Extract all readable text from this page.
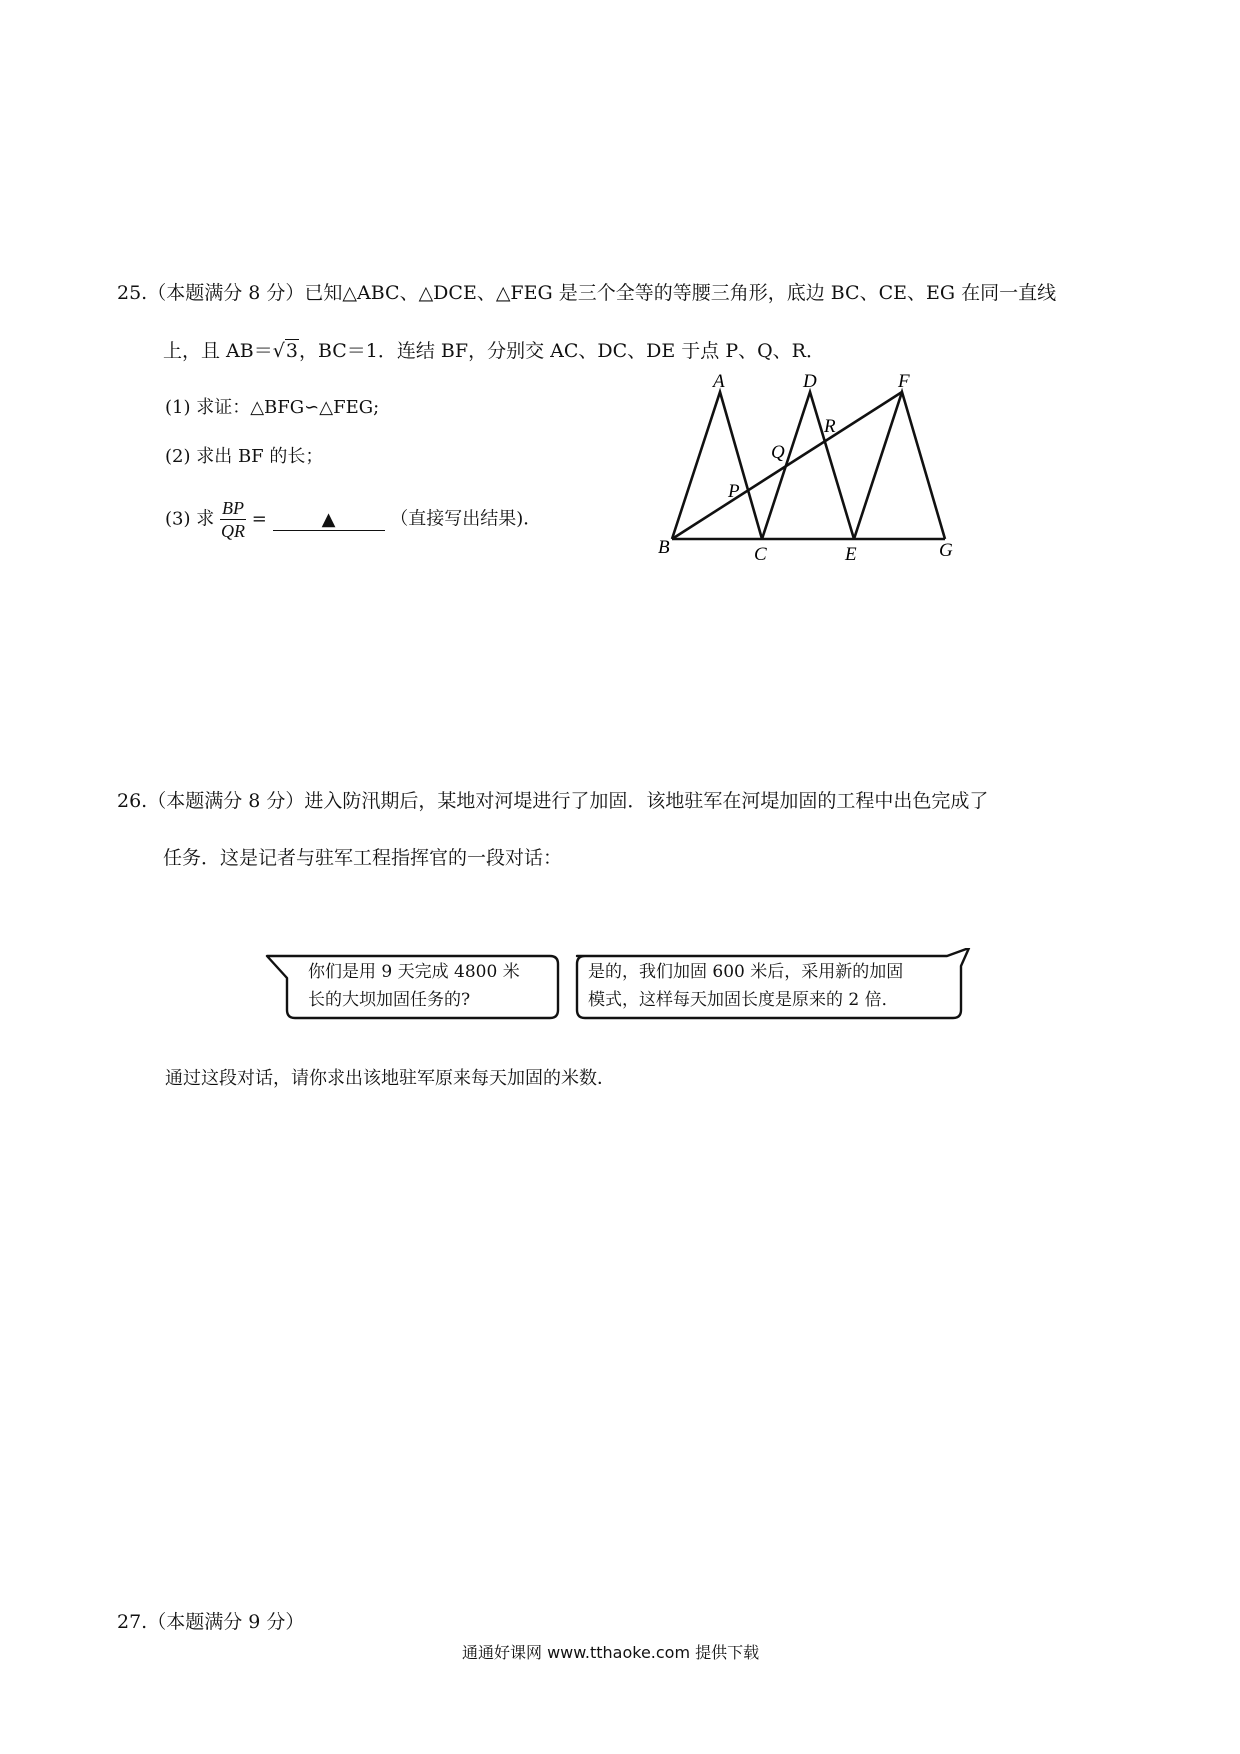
25.（本题满分 8 分）已知△ABC、△DCE、△FEG 是三个全等的等腰三角形，底边 BC、CE、EG 在同一直线
上，且 AB＝√3，BC＝1．连结 BF，分别交 AC、DC、DE 于点 P、Q、R．
(1) 求证：△BFG∽△FEG;
(2) 求出 BF 的长；
(3) 求 $\frac{BP}{QR}$ =	▲	（直接写出结果)．
A	D	F
R
Q
P
B	C	E	G
26.（本题满分 8 分）进入防汛期后，某地对河堤进行了加固．该地驻军在河堤加固的工程中出色完成了
任务．这是记者与驻军工程指挥官的一段对话：
你们是用 9 天完成 4800 米
长的大坝加固任务的?
是的，我们加固 600 米后，采用新的加固
模式，这样每天加固长度是原来的 2 倍．
通过这段对话，请你求出该地驻军原来每天加固的米数．
27.（本题满分 9 分）
通通好课网 www.tthaoke.com 提供下载
